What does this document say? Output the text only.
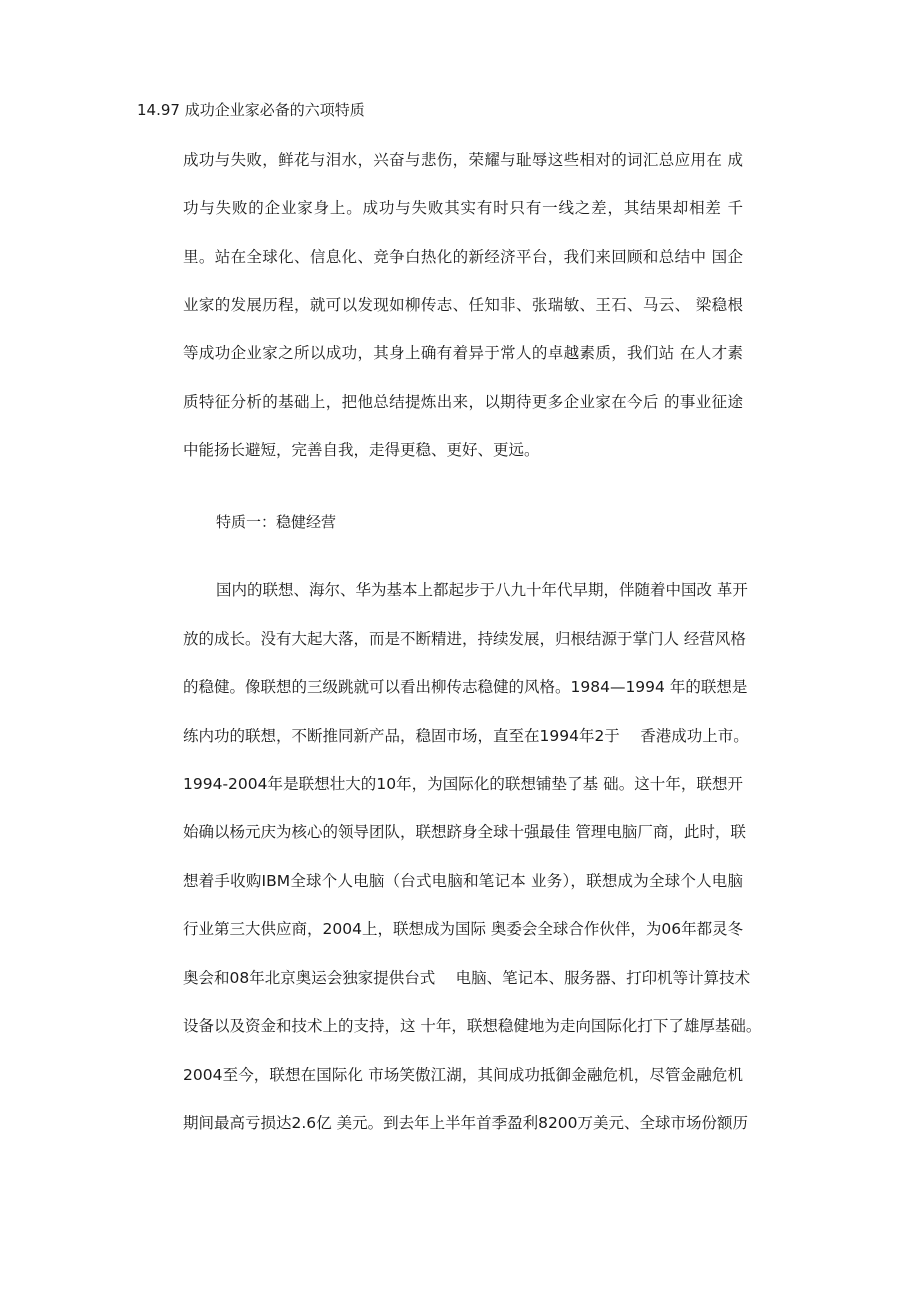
14.97 成功企业家必备的六项特质
成功与失败，鲜花与泪水，兴奋与悲伤，荣耀与耻辱这些相对的词汇总应用在 成
功与失败的企业家身上。成功与失败其实有时只有一线之差，其结果却相差 千
里。站在全球化、信息化、竞争白热化的新经济平台，我们来回顾和总结中 国企
业家的发展历程，就可以发现如柳传志、任知非、张瑞敏、王石、马云、 梁稳根
等成功企业家之所以成功，其身上确有着异于常人的卓越素质，我们站 在人才素
质特征分析的基础上，把他总结提炼出来，以期待更多企业家在今后 的事业征途
中能扬长避短，完善自我，走得更稳、更好、更远。
特质一：稳健经营
国内的联想、海尔、华为基本上都起步于八九十年代早期，伴随着中国改 革开
放的成长。没有大起大落，而是不断精进，持续发展，归根结源于掌门人 经营风格
的稳健。像联想的三级跳就可以看出柳传志稳健的风格。1984—1994 年的联想是
练内功的联想，不断推同新产品，稳固市场，直至在1994年2于 　香港成功上市。
1994-2004年是联想壮大的10年，为国际化的联想铺垫了基 础。这十年，联想开
始确以杨元庆为核心的领导团队，联想跻身全球十强最佳 管理电脑厂商，此时，联
想着手收购IBM全球个人电脑（台式电脑和笔记本 业务），联想成为全球个人电脑
行业第三大供应商，2004上，联想成为国际 奥委会全球合作伙伴，为06年都灵冬
奥会和08年北京奥运会独家提供台式 　电脑、笔记本、服务器、打印机等计算技术
设备以及资金和技术上的支持，这 十年，联想稳健地为走向国际化打下了雄厚基础。
2004至今，联想在国际化 市场笑傲江湖，其间成功抵御金融危机，尽管金融危机
期间最高亏损达2.6亿 美元。到去年上半年首季盈利8200万美元、全球市场份额历
